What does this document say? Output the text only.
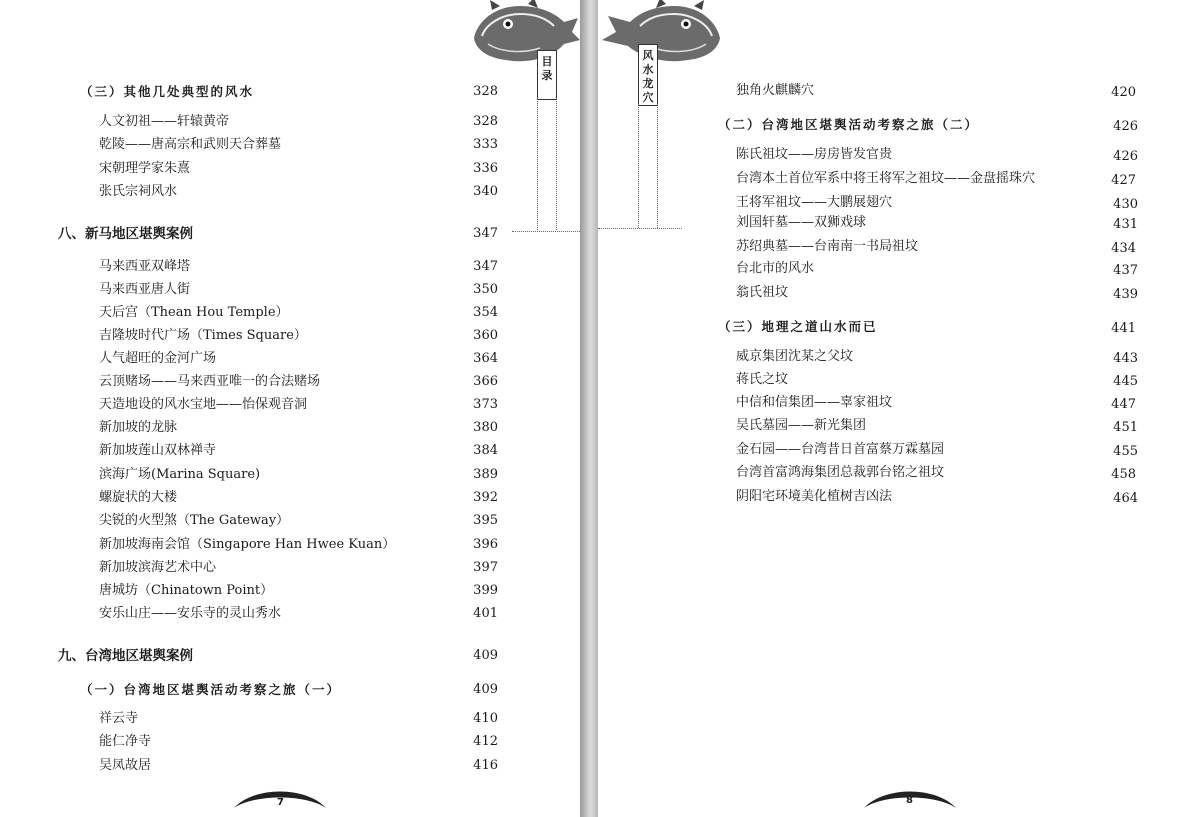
目
录
（三）其他几处典型的风水	328
人文初祖——轩辕黄帝	328
乾陵——唐高宗和武则天合葬墓	333
宋朝理学家朱熹	336
张氏宗祠风水	340
八、新马地区堪舆案例	347
马来西亚双峰塔	347
马来西亚唐人街	350
天后宫（Thean Hou Temple）	354
吉隆坡时代广场（Times Square）	360
人气超旺的金河广场	364
云顶赌场——马来西亚唯一的合法赌场	366
天造地设的风水宝地——怡保观音洞	373
新加坡的龙脉	380
新加坡莲山双林禅寺	384
滨海广场(Marina Square)	389
螺旋状的大楼	392
尖锐的火型煞（The Gateway）	395
新加坡海南会馆（Singapore Han Hwee Kuan）	396
新加坡滨海艺术中心	397
唐城坊（Chinatown Point）	399
安乐山庄——安乐寺的灵山秀水	401
九、台湾地区堪舆案例	409
（一）台湾地区堪舆活动考察之旅（一）	409
祥云寺	410
能仁净寺	412
吴凤故居	416
7
风
水
龙
穴	独角火麒麟穴	420
（二）台湾地区堪舆活动考察之旅（二）	426
陈氏祖坟——房房皆发官贵	426
台湾本土首位军系中将王将军之祖坟——金盘摇珠穴	427
王将军祖坟——大鹏展翅穴	430
刘国轩墓——双狮戏球	431
苏绍典墓——台南南一书局祖坟	434
台北市的风水	437
翁氏祖坟	439
（三）地理之道山水而已	441
威京集团沈某之父坟	443
蒋氏之坟	445
中信和信集团——辜家祖坟	447
吴氏墓园——新光集团	451
金石园——台湾昔日首富蔡万霖墓园	455
台湾首富鸿海集团总裁郭台铭之祖坟	458
阴阳宅环境美化植树吉凶法	464
8
